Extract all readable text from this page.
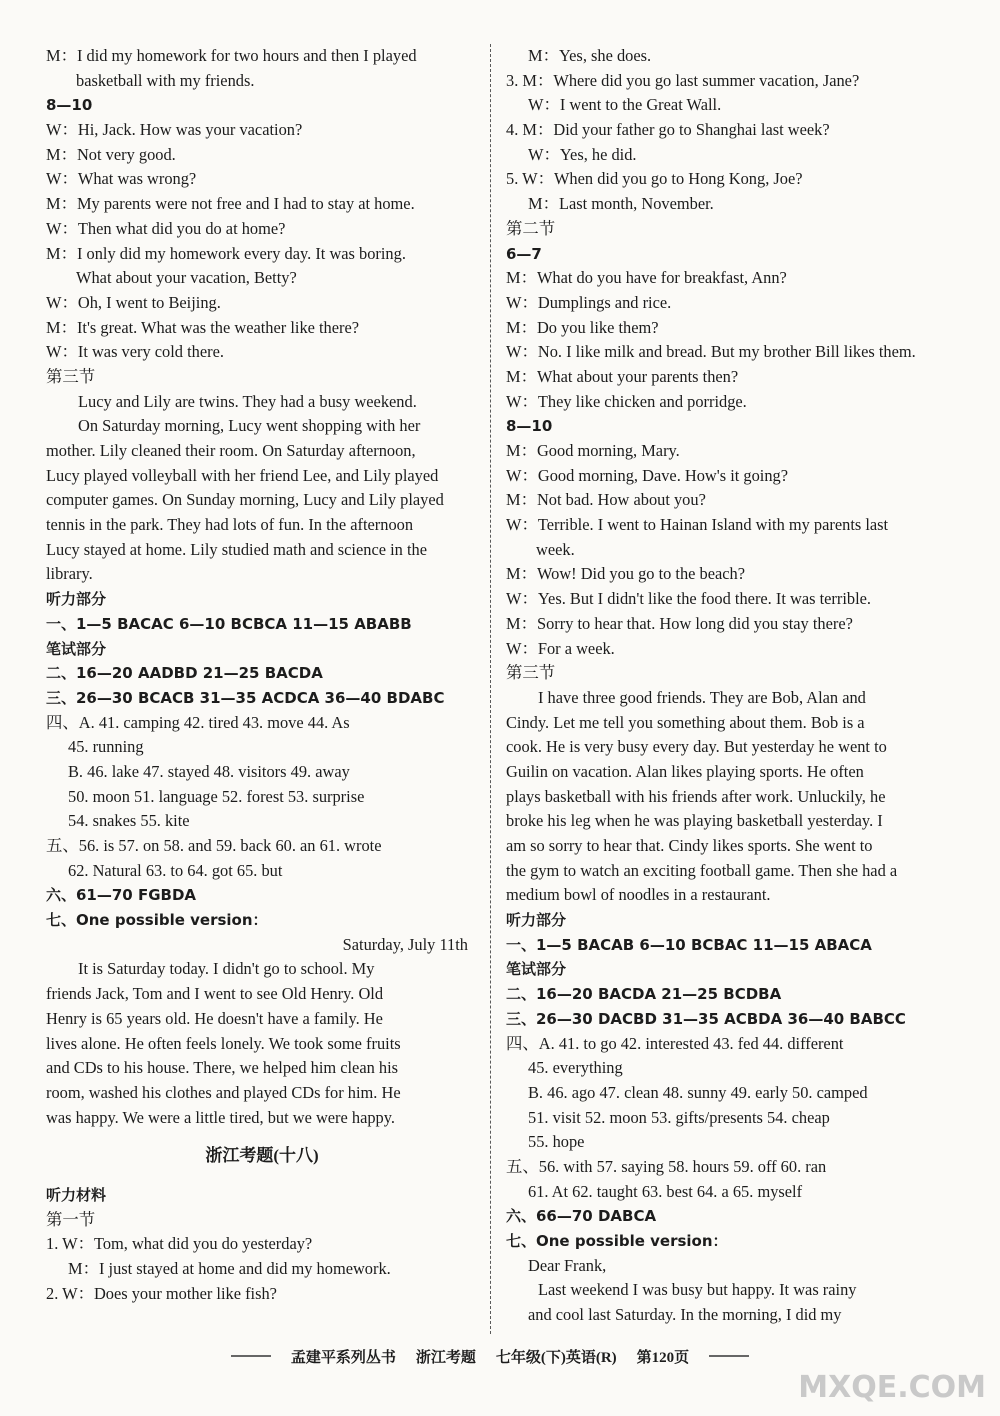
M：I did my homework for two hours and then I played
basketball with my friends.
8—10
W：Hi, Jack. How was your vacation?
M：Not very good.
W：What was wrong?
M：My parents were not free and I had to stay at home.
W：Then what did you do at home?
M：I only did my homework every day. It was boring.
What about your vacation, Betty?
W：Oh, I went to Beijing.
M：It's great. What was the weather like there?
W：It was very cold there.
第三节
Lucy and Lily are twins. They had a busy weekend.
On Saturday morning, Lucy went shopping with her
mother. Lily cleaned their room. On Saturday afternoon,
Lucy played volleyball with her friend Lee, and Lily played
computer games. On Sunday morning, Lucy and Lily played
tennis in the park. They had lots of fun. In the afternoon
Lucy stayed at home. Lily studied math and science in the
library.
听力部分
一、1—5 BACAC 6—10 BCBCA 11—15 ABABB
笔试部分
二、16—20 AADBD 21—25 BACDA
三、26—30 BCACB 31—35 ACDCA 36—40 BDABC
四、A. 41. camping 42. tired 43. move 44. As
45. running
B. 46. lake 47. stayed 48. visitors 49. away
50. moon 51. language 52. forest 53. surprise
54. snakes 55. kite
五、56. is 57. on 58. and 59. back 60. an 61. wrote
62. Natural 63. to 64. got 65. but
六、61—70 FGBDA
七、One possible version：
Saturday, July 11th
It is Saturday today. I didn't go to school. My
friends Jack, Tom and I went to see Old Henry. Old
Henry is 65 years old. He doesn't have a family. He
lives alone. He often feels lonely. We took some fruits
and CDs to his house. There, we helped him clean his
room, washed his clothes and played CDs for him. He
was happy. We were a little tired, but we were happy.
浙江考题(十八)
听力材料
第一节
1. W：Tom, what did you do yesterday?
M：I just stayed at home and did my homework.
2. W：Does your mother like fish?
M：Yes, she does.
3. M：Where did you go last summer vacation, Jane?
W：I went to the Great Wall.
4. M：Did your father go to Shanghai last week?
W：Yes, he did.
5. W：When did you go to Hong Kong, Joe?
M：Last month, November.
第二节
6—7
M：What do you have for breakfast, Ann?
W：Dumplings and rice.
M：Do you like them?
W：No. I like milk and bread. But my brother Bill likes them.
M：What about your parents then?
W：They like chicken and porridge.
8—10
M：Good morning, Mary.
W：Good morning, Dave. How's it going?
M：Not bad. How about you?
W：Terrible. I went to Hainan Island with my parents last
week.
M：Wow! Did you go to the beach?
W：Yes. But I didn't like the food there. It was terrible.
M：Sorry to hear that. How long did you stay there?
W：For a week.
第三节
I have three good friends. They are Bob, Alan and
Cindy. Let me tell you something about them. Bob is a
cook. He is very busy every day. But yesterday he went to
Guilin on vacation. Alan likes playing sports. He often
plays basketball with his friends after work. Unluckily, he
broke his leg when he was playing basketball yesterday. I
am so sorry to hear that. Cindy likes sports. She went to
the gym to watch an exciting football game. Then she had a
medium bowl of noodles in a restaurant.
听力部分
一、1—5 BACAB 6—10 BCBAC 11—15 ABACA
笔试部分
二、16—20 BACDA 21—25 BCDBA
三、26—30 DACBD 31—35 ACBDA 36—40 BABCC
四、A. 41. to go 42. interested 43. fed 44. different
45. everything
B. 46. ago 47. clean 48. sunny 49. early 50. camped
51. visit 52. moon 53. gifts/presents 54. cheap
55. hope
五、56. with 57. saying 58. hours 59. off 60. ran
61. At 62. taught 63. best 64. a 65. myself
六、66—70 DABCA
七、One possible version：
Dear Frank,
Last weekend I was busy but happy. It was rainy
and cool last Saturday. In the morning, I did my
孟建平系列丛书 浙江考题 七年级(下)英语(R) 第120页
MXQE.COM
